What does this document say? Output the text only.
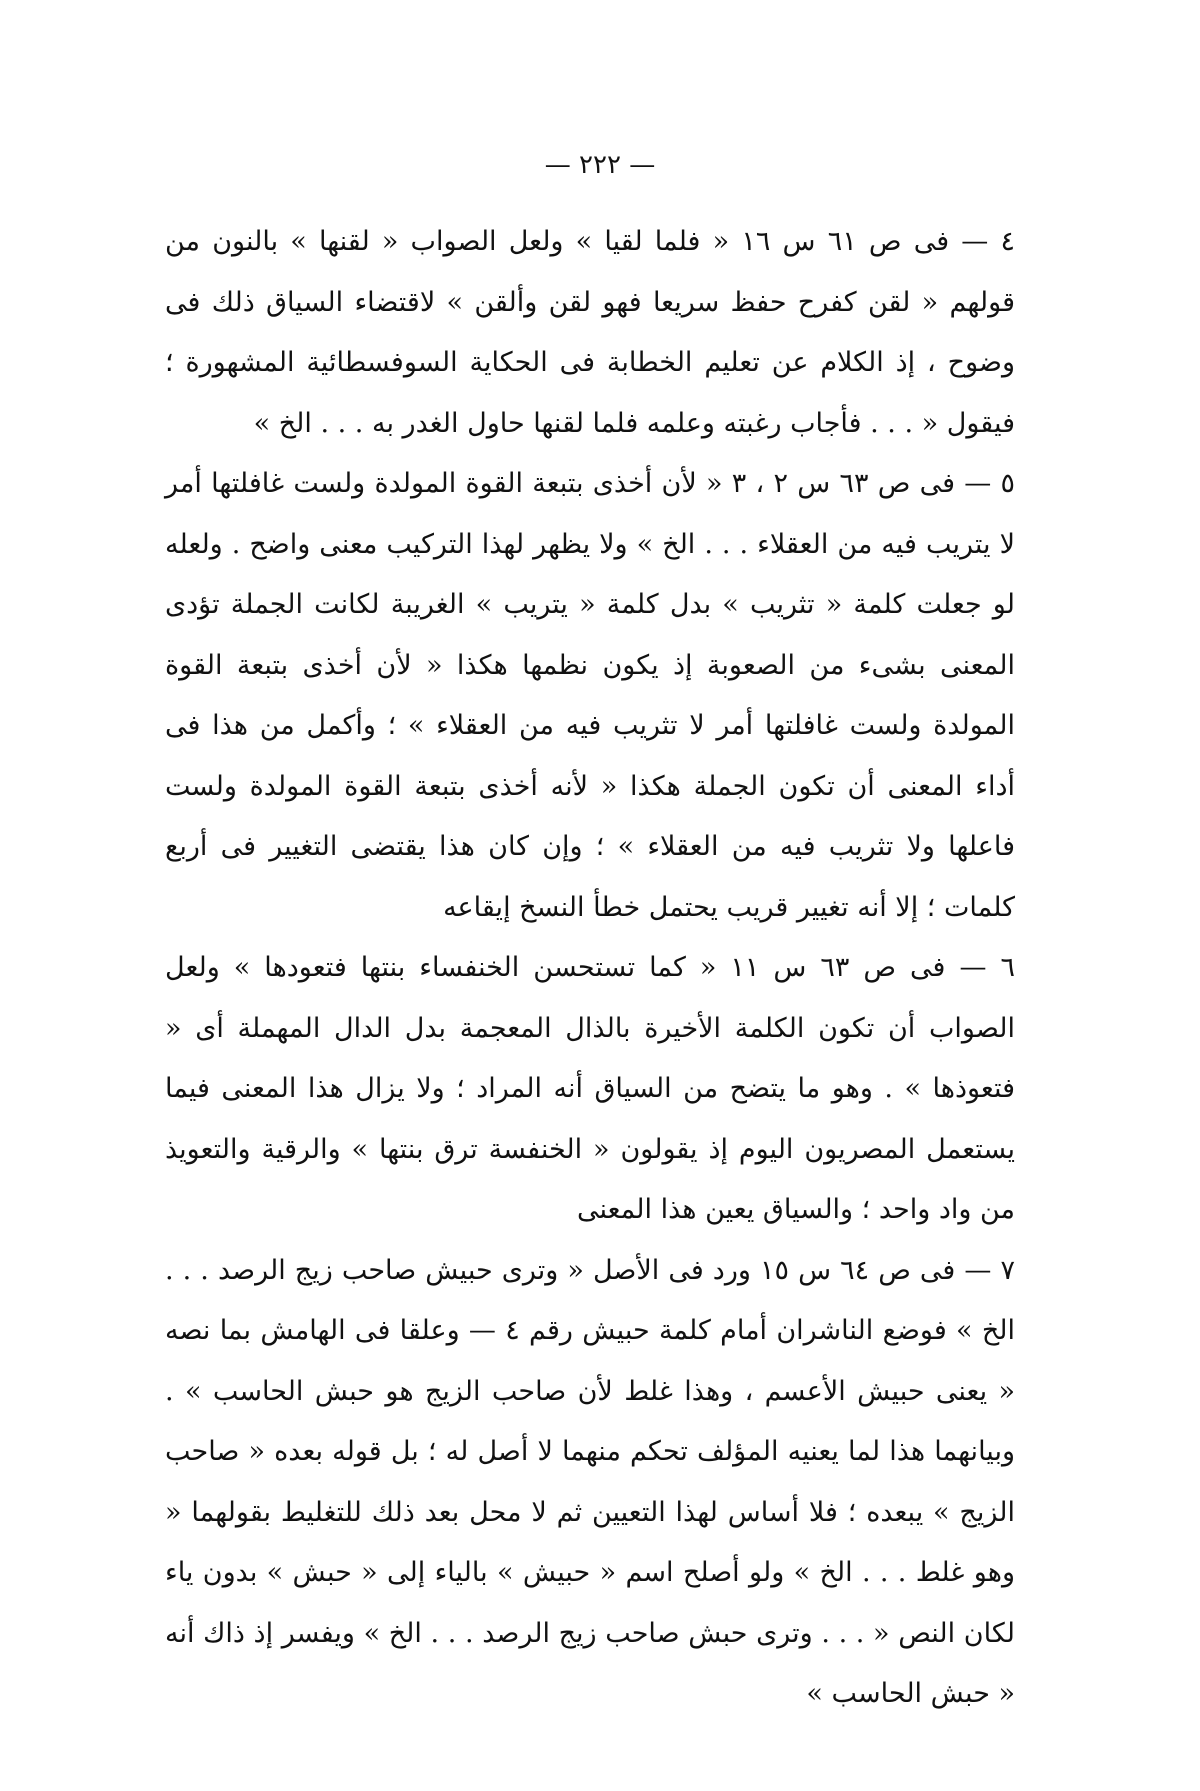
— ٢٢٢ —

٤ — فى ص ٦١ س ١٦ « فلما لقيا » ولعل الصواب « لقنها » بالنون من قولهم « لقن كفرح حفظ سريعا فهو لقن وألقن » لاقتضاء السياق ذلك فى وضوح ، إذ الكلام عن تعليم الخطابة فى الحكاية السوفسطائية المشهورة ؛ فيقول « . . . فأجاب رغبته وعلمه فلما لقنها حاول الغدر به . . . الخ »

٥ — فى ص ٦٣ س ٢ ، ٣ « لأن أخذى بتبعة القوة المولدة ولست غافلتها أمر لا يتريب فيه من العقلاء . . . الخ » ولا يظهر لهذا التركيب معنى واضح . ولعله لو جعلت كلمة « تثريب » بدل كلمة « يتريب » الغريبة لكانت الجملة تؤدى المعنى بشىء من الصعوبة إذ يكون نظمها هكذا « لأن أخذى بتبعة القوة المولدة ولست غافلتها أمر لا تثريب فيه من العقلاء » ؛ وأكمل من هذا فى أداء المعنى أن تكون الجملة هكذا « لأنه أخذى بتبعة القوة المولدة ولست فاعلها ولا تثريب فيه من العقلاء » ؛ وإن كان هذا يقتضى التغيير فى أربع كلمات ؛ إلا أنه تغيير قريب يحتمل خطأ النسخ إيقاعه

٦ — فى ص ٦٣ س ١١ « كما تستحسن الخنفساء بنتها فتعودها » ولعل الصواب أن تكون الكلمة الأخيرة بالذال المعجمة بدل الدال المهملة أى « فتعوذها » . وهو ما يتضح من السياق أنه المراد ؛ ولا يزال هذا المعنى فيما يستعمل المصريون اليوم إذ يقولون « الخنفسة ترق بنتها » والرقية والتعويذ من واد واحد ؛ والسياق يعين هذا المعنى

٧ — فى ص ٦٤ س ١٥ ورد فى الأصل « وترى حبيش صاحب زيج الرصد . . . الخ » فوضع الناشران أمام كلمة حبيش رقم ٤ — وعلقا فى الهامش بما نصه « يعنى حبيش الأعسم ، وهذا غلط لأن صاحب الزيج هو حبش الحاسب » . وبيانهما هذا لما يعنيه المؤلف تحكم منهما لا أصل له ؛ بل قوله بعده « صاحب الزيج » يبعده ؛ فلا أساس لهذا التعيين ثم لا محل بعد ذلك للتغليط بقولهما « وهو غلط . . . الخ » ولو أصلح اسم « حبيش » بالياء إلى « حبش » بدون ياء لكان النص « . . . وترى حبش صاحب زيج الرصد . . . الخ » ويفسر إذ ذاك أنه « حبش الحاسب »
